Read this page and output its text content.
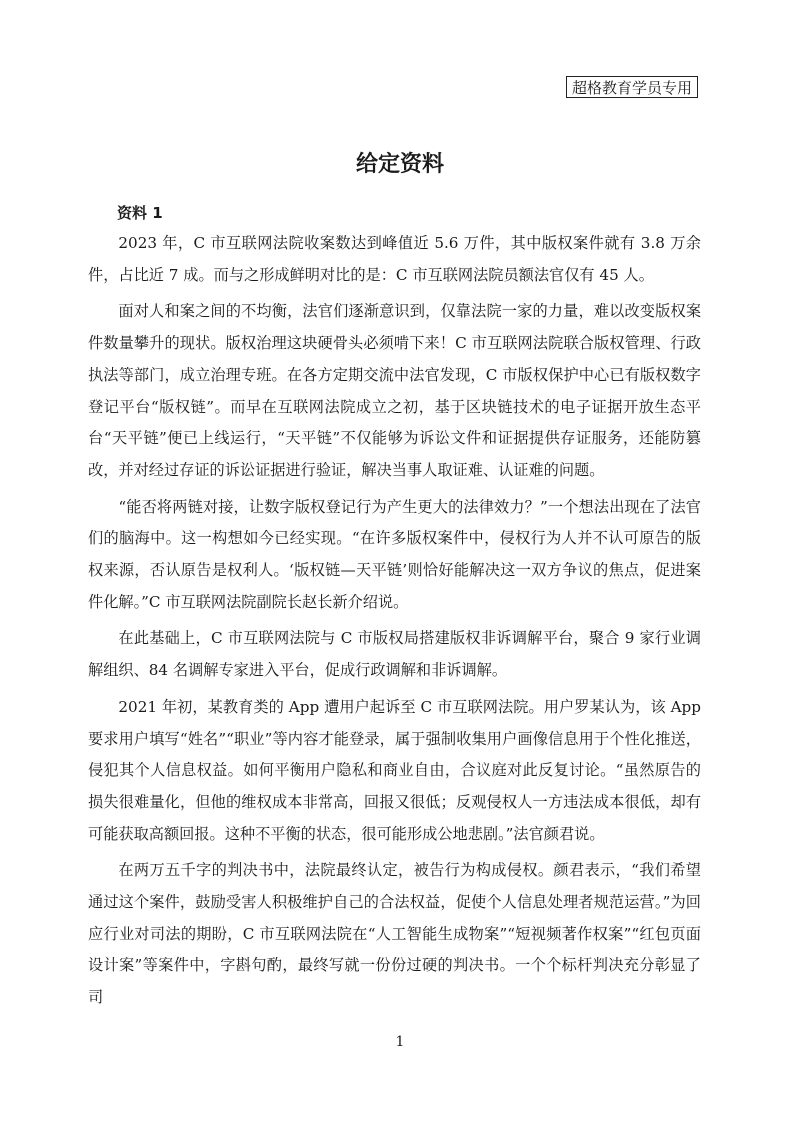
超格教育学员专用
给定资料
资料 1

2023 年，C 市互联网法院收案数达到峰值近 5.6 万件，其中版权案件就有 3.8 万余件，占比近 7 成。而与之形成鲜明对比的是：C 市互联网法院员额法官仅有 45 人。

面对人和案之间的不均衡，法官们逐渐意识到，仅靠法院一家的力量，难以改变版权案件数量攀升的现状。版权治理这块硬骨头必须啃下来！C 市互联网法院联合版权管理、行政执法等部门，成立治理专班。在各方定期交流中法官发现，C 市版权保护中心已有版权数字登记平台“版权链”。而早在互联网法院成立之初，基于区块链技术的电子证据开放生态平台“天平链”便已上线运行，“天平链”不仅能够为诉讼文件和证据提供存证服务，还能防篡改，并对经过存证的诉讼证据进行验证，解决当事人取证难、认证难的问题。

“能否将两链对接，让数字版权登记行为产生更大的法律效力？”一个想法出现在了法官们的脑海中。这一构想如今已经实现。“在许多版权案件中，侵权行为人并不认可原告的版权来源，否认原告是权利人。‘版权链—天平链’则恰好能解决这一双方争议的焦点，促进案件化解。”C 市互联网法院副院长赵长新介绍说。

在此基础上，C 市互联网法院与 C 市版权局搭建版权非诉调解平台，聚合 9 家行业调解组织、84 名调解专家进入平台，促成行政调解和非诉调解。

2021 年初，某教育类的 App 遭用户起诉至 C 市互联网法院。用户罗某认为，该 App 要求用户填写“姓名”“职业”等内容才能登录，属于强制收集用户画像信息用于个性化推送，侵犯其个人信息权益。如何平衡用户隐私和商业自由，合议庭对此反复讨论。“虽然原告的损失很难量化，但他的维权成本非常高，回报又很低；反观侵权人一方违法成本很低，却有可能获取高额回报。这种不平衡的状态，很可能形成公地悲剧。”法官颜君说。

在两万五千字的判决书中，法院最终认定，被告行为构成侵权。颜君表示，“我们希望通过这个案件，鼓励受害人积极维护自己的合法权益，促使个人信息处理者规范运营。”为回应行业对司法的期盼，C 市互联网法院在“人工智能生成物案”“短视频著作权案”“红包页面设计案”等案件中，字斟句酌，最终写就一份份过硬的判决书。一个个标杆判决充分彰显了司

1
